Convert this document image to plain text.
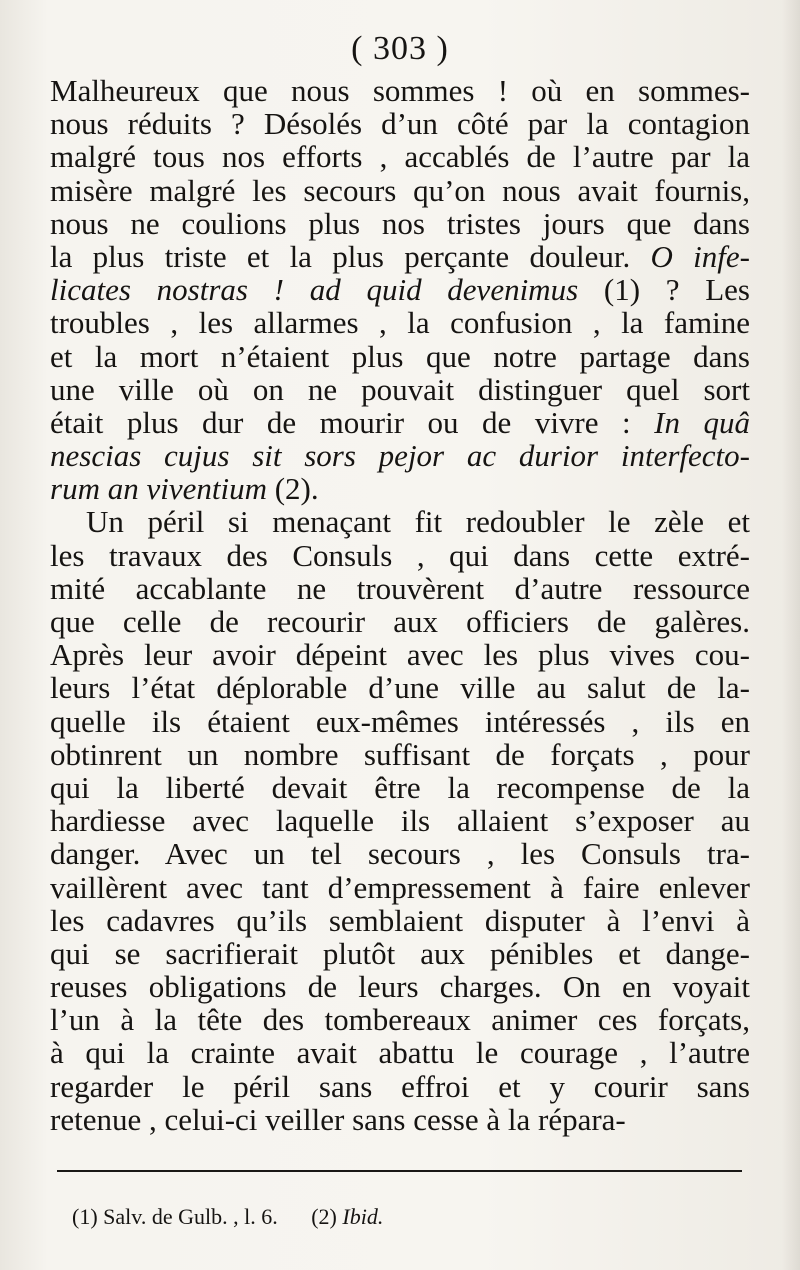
( 303 )
Malheureux que nous sommes ! où en sommes-
nous réduits ? Désolés d’un côté par la contagion
malgré tous nos efforts , accablés de l’autre par la
misère malgré les secours qu’on nous avait fournis,
nous ne coulions plus nos tristes jours que dans
la plus triste et la plus perçante douleur. O infe-
licates nostras ! ad quid devenimus (1) ? Les
troubles , les allarmes , la confusion , la famine
et la mort n’étaient plus que notre partage dans
une ville où on ne pouvait distinguer quel sort
était plus dur de mourir ou de vivre : In quâ
nescias cujus sit sors pejor ac durior interfecto-
rum an viventium (2).
Un péril si menaçant fit redoubler le zèle et
les travaux des Consuls , qui dans cette extré-
mité accablante ne trouvèrent d’autre ressource
que celle de recourir aux officiers de galères.
Après leur avoir dépeint avec les plus vives cou-
leurs l’état déplorable d’une ville au salut de la-
quelle ils étaient eux-mêmes intéressés , ils en
obtinrent un nombre suffisant de forçats , pour
qui la liberté devait être la recompense de la
hardiesse avec laquelle ils allaient s’exposer au
danger. Avec un tel secours , les Consuls tra-
vaillèrent avec tant d’empressement à faire enlever
les cadavres qu’ils semblaient disputer à l’envi à
qui se sacrifierait plutôt aux pénibles et dange-
reuses obligations de leurs charges. On en voyait
l’un à la tête des tombereaux animer ces forçats,
à qui la crainte avait abattu le courage , l’autre
regarder le péril sans effroi et y courir sans
retenue , celui-ci veiller sans cesse à la répara-
(1) Salv. de Gulb. , l. 6. (2) Ibid.
